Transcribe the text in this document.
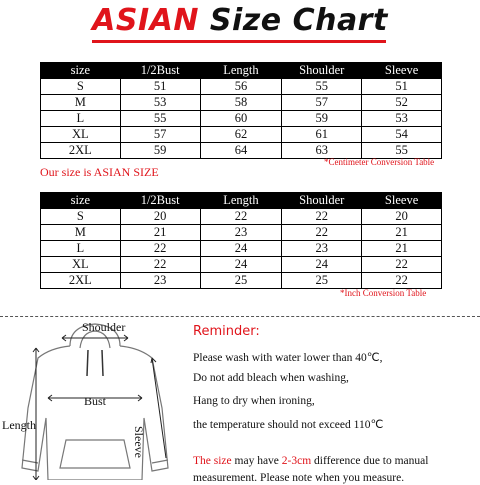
ASIAN Size Chart
size	1/2Bust	Length	Shoulder	Sleeve
S	51	56	55	51
M	53	58	57	52
L	55	60	59	53
XL	57	62	61	54
2XL	59	64	63	55
*Centimeter Conversion Table
Our size is ASIAN SIZE
size	1/2Bust	Length	Shoulder	Sleeve
S	20	22	22	20
M	21	23	22	21
L	22	24	23	21
XL	22	24	24	22
2XL	23	25	25	22
*Inch Conversion Table
Shoulder
Bust
Length
Sleeve
Reminder:
Please wash with water lower than 40℃,
Do not add bleach when washing,
Hang to dry when ironing,
the temperature should not exceed 110℃
The size may have 2-3cm difference due to manual
measurement. Please note when you measure.
